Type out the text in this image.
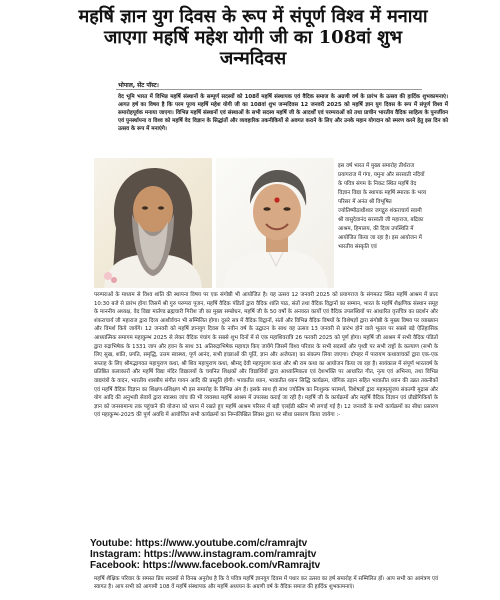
महर्षि ज्ञान युग दिवस के रूप में संपूर्ण विश्व में मनाया जाएगा महर्षि महेश योगी जी का 108वां शुभ जन्मदिवस
भोपाल, सेंट पॉस्ट।
वेद भूमि भारत में विभिन्न महर्षि संस्थानों के सम्पूर्ण सदस्यों को 108वें महर्षि संस्थापक एवं वैदिक समाज के अग्रणी वर्ष के प्रारंभ के उत्सव की हार्दिक शुभकामनाएं। आगत हर्ष का विषय है कि परम पूज्य महर्षि महेश योगी जी का 108वां शुभ जन्मदिवस 12 जनवरी 2025 को महर्षि ज्ञान युग दिवस के रूप में संपूर्ण विश्व में समारोहपूर्वक मनाया जाएगा। विभिन्न महर्षि संस्थानों एवं संस्थाओं के सभी सदस्य महर्षि जी के आदर्शों एवं परम्पराओं को तथा प्राचीन भारतीय वैदिक साहित्य के पुनर्जीवन एवं पुनर्स्थापना व विश्व को महर्षि वेद विज्ञान के सिद्धांतों और व्यवहारिक तकनीकियों से अवगत कराने के लिए और उनके महान योगदान को स्मरण करने हेतु इस दिन को उत्सव के रूप में मनाएंगे।
इस वर्ष भारत में मुख्य समारोह तीर्थराज प्रयागराज में गंगा, यमुना और सरस्वती नदियों के पवित्र संगम के निकट स्थित महर्षि वेद विज्ञान विद्या के स्थापक महर्षि स्मारक के भव्य परिसर में अनंत श्री विभूषित ज्योतिष्पीठाधीश्वर जगद्गुरु शंकराचार्य स्वामी श्री वासुदेवानंद सरस्वती जी महाराज, बद्रिका आश्रम, हिमालय, की दिव्य उपस्थिति में आयोजित किया जा रहा है। इस आयोजन में भारतीय संस्कृति एवं
परम्पराओं के माध्यम से विश्व शांति की स्थापना विषय पर एक संगोष्ठी भी आयोजित है। यह उत्सव 12 जनवरी 2025 को प्रयागराज के संगमतट स्थित महर्षि आश्रम में प्रातः 10:30 बजे से प्रारंभ होगा जिसमें श्री गुरु परम्परा पूजन, महर्षि वैदिक पंडितों द्वारा वैदिक शांति पाठ, संतों तथा वैदिक विद्वानों का सम्मान, भारत के महर्षि शैक्षणिक संस्थान समूह के माननीय अध्यक्ष, वेद विद्या मार्तण्ड ब्रह्मचारी गिरीश जी का मुख्य सम्बोधन, महर्षि जी के 50 वर्षों के अनवरत कार्यों एवं वैदिक उपलब्धियों पर आधारित वृत्तचित्र का प्रदर्शन और शंकराचार्य जी महाराज द्वारा दिव्य आशीर्वचन भी सम्मिलित होगा। दूसरे सत्र में वैदिक विद्वानों, संतों और विभिन्न वैदिक विषयों के विशेषज्ञों द्वारा संगोष्ठी के मुख्य विषय पर व्याख्यान और विमर्श किये जायेंगे। 12 जनवरी को महर्षि ज्ञानयुग दिवस के नवीन वर्ष के उद्घाटन के साथ यह उत्सव 13 जनवरी से प्रारंभ होने वाले भूतल पर सबसे बड़े ऐतिहासिक आध्यात्मिक समागम महाकुम्भ 2025 से लेकर वैदिक पंचांग के सबसे शुभ दिनों में से एक महाशिवरात्रि 26 फरवरी 2025 को पूर्ण होगा। महर्षि जी आश्रम में सभी वैदिक पंडितों द्वारा रुद्राभिषेक के 1331 जाप और हवन के साथ 31 अतिरुद्राभिषेक महायज्ञ किए जायेंगे जिसमें विश्व परिवार के सभी सदस्यों और पृथ्वी पर सभी राष्ट्रों के कल्याण (सभी के लिए सुख, शांति, प्रगति, समृद्धि, उत्तम स्वास्थ्य, पूर्ण आनंद, सभी इच्छाओं की पूर्ति, ज्ञान और अजेयता) का संकल्प लिया जाएगा। दोपहर में पारायण कथावाचकों द्वारा एक-एक सप्ताह के लिए श्रीमद्भागवत महापुराण कथा, श्री शिव महापुराण कथा, श्रीमद् देवी महापुराण कथा और श्री राम कथा का आयोजन किया जा रहा है। सायंकाल में संपूर्ण भारतवर्ष के प्रतिष्ठित कलाकारों और महर्षि विद्या मंदिर विद्यालयों के चयनित शिक्षकों और विद्यार्थियों द्वारा आध्यात्मिकता एवं देशभक्ति पर आधारित गीत, नृत्य एवं अभिनय, तथा विभिन्न वाद्ययंत्रों के वादन, भारतीय शास्त्रीय संगीत गायन आदि की प्रस्तुति होगी। भावातीत ध्यान, भावातीत ध्यान सिद्धि कार्यक्रम, योगिक उड़ान सहित भावातीत ध्यान की उन्नत तकनीकों एवं महर्षि वैदिक विज्ञान का शिक्षण-प्रशिक्षण भी इस समारोह के विभिन्न अंग हैं। इसके साथ ही साथ ज्योतिष का निःशुल्क परामर्श, विशेषज्ञों द्वारा महामृत्युंजय संकल्पी मुद्रास और योग आदि की अनुभवी सेवायें द्वारा स्वास्थ्य जांच की भी व्यवस्था महर्षि आश्रम में उपलब्ध कराई जा रही है। महर्षि जी के कार्यक्रमों और महर्षि वैदिक विज्ञान एवं प्रौद्योगिकियों के ज्ञान को जनसामान्य तक पहुंचाने की योजना को ध्यान में रखते हुए महर्षि आश्रम परिसर में बड़ी एलईडी स्क्रीन भी लगाई गई है। 12 जनवरी के सभी कार्यक्रमों का सीधा प्रसारण एवं महाकुम्भ-2025 की पूर्ण अवधि में आयोजित सभी कार्यक्रमों का निम्नलिखित लिंक्स द्वारा पर सीधा प्रसारण किया जायेगा :-
Youtube: https://www.youtube.com/c/ramrajtv
Instagram: https://www.instagram.com/ramrajtv
Facebook: https://www.facebook.com/vRamrajtv
महर्षि शैक्षिक परिवार के समस्त प्रिय सदस्यों से विनम्र अनुरोध है कि वे पवित्र महर्षि ज्ञानयुग दिवस में पधार कर उत्सव का हर्ष समारोह में सम्मिलित हों। आप सभी का आमंत्रण एवं स्वागत है। आप सभी को आगामी 108 वें महर्षि संस्थापक और महर्षि अध्ययन के अग्रणी वर्ष के वैदिक समाज की हार्दिक शुभकामनाएं।
